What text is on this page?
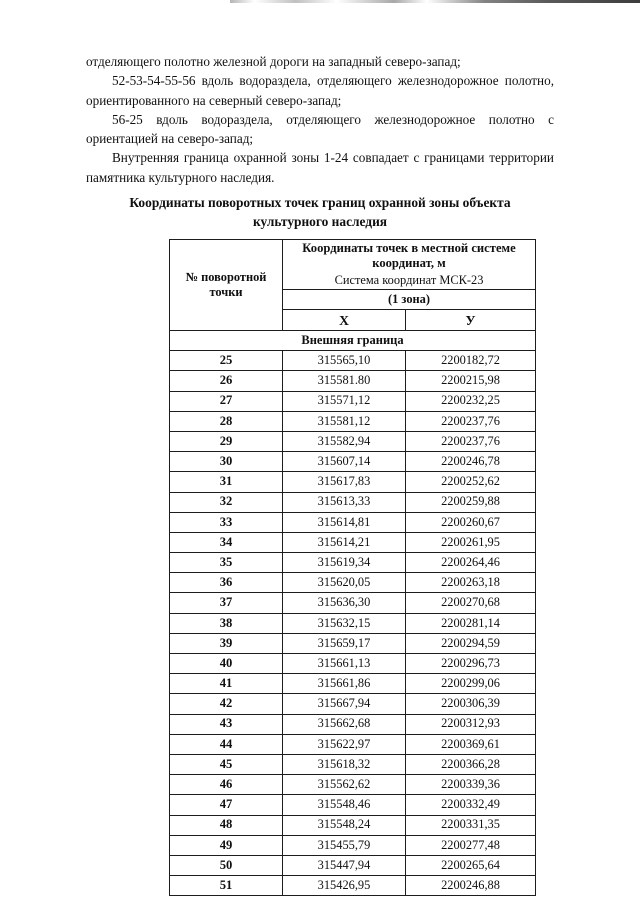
отделяющего полотно железной дороги на западный северо-запад;

52-53-54-55-56 вдоль водораздела, отделяющего железнодорожное полотно, ориентированного на северный северо-запад;

56-25 вдоль водораздела, отделяющего железнодорожное полотно с ориентацией на северо-запад;

Внутренняя граница охранной зоны 1-24 совпадает с границами территории памятника культурного наследия.

Координаты поворотных точек границ охранной зоны объекта культурного наследия
№ поворотной точки	Координаты точек в местной системе координат, м
Система координат МСК-23	

	(1 зона)	
	X	У
Внешняя граница		
25	315565,10	2200182,72
26	315581.80	2200215,98
27	315571,12	2200232,25
28	315581,12	2200237,76
29	315582,94	2200237,76
30	315607,14	2200246,78
31	315617,83	2200252,62
32	315613,33	2200259,88
33	315614,81	2200260,67
34	315614,21	2200261,95
35	315619,34	2200264,46
36	315620,05	2200263,18
37	315636,30	2200270,68
38	315632,15	2200281,14
39	315659,17	2200294,59
40	315661,13	2200296,73
41	315661,86	2200299,06
42	315667,94	2200306,39
43	315662,68	2200312,93
44	315622,97	2200369,61
45	315618,32	2200366,28
46	315562,62	2200339,36
47	315548,46	2200332,49
48	315548,24	2200331,35
49	315455,79	2200277,48
50	315447,94	2200265,64
51	315426,95	2200246,88
